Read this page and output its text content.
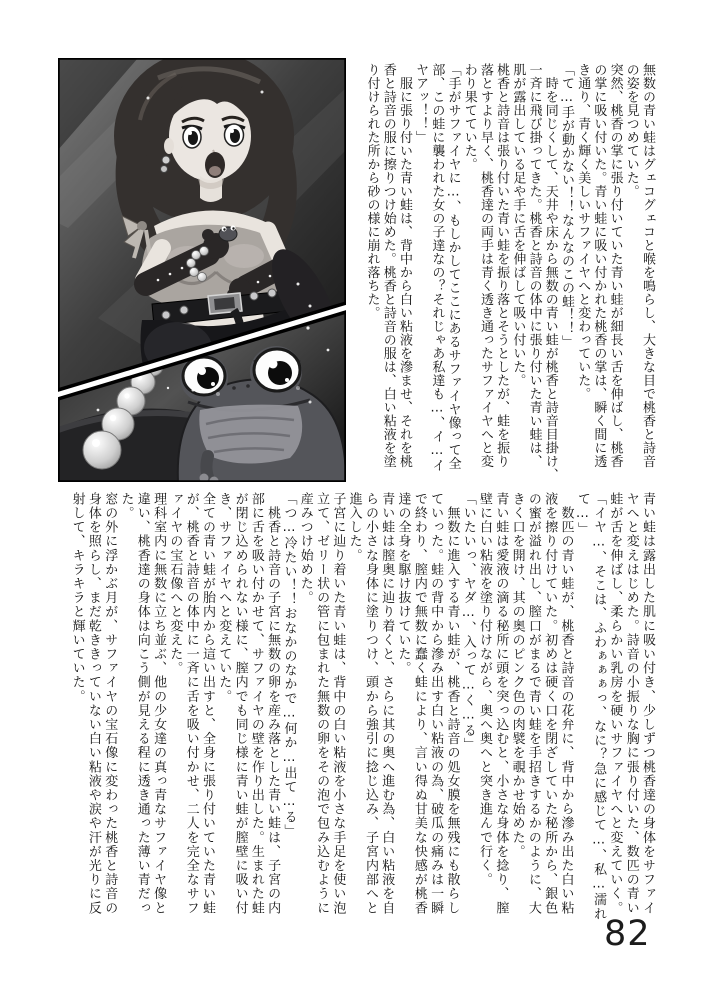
無数の青い蛙はグェコグェコと喉を鳴らし、大きな目で桃香と詩音
の姿を見つめていた。
突然、桃香の掌に張り付いていた青い蛙が細長い舌を伸ばし、桃香
の掌に吸い付いた。青い蛙に吸い付かれた桃香の掌は、瞬く間に透
き通り、青く輝く美しいサファイヤへと変わっていた。
「て…手が動かない！！なんなのこの蛙！！」
　時を同じくして、天井や床から無数の青い蛙が桃香と詩音目掛け、
一斉に飛び掛ってきた。桃香と詩音の体中に張り付いた青い蛙は、
肌が露出している足や手に舌を伸ばして吸い付いた。
桃香と詩音は張り付いた青い蛙を振り落とそうとしたが、蛙を振り
落とすより早く、桃香達の両手は青く透き通ったサファイヤへと変
わり果てていた。
「手がサファイヤに…、もしかしてここにあるサファイヤ像って全
部、この蛙に襲われた女の子達なの？それじゃあ私達も…、イ…イ
ヤアッ！！」
　服に張り付いた青い蛙は、背中から白い粘液を滲ませ、それを桃
香と詩音の服に擦りつけ始めた。桃香と詩音の服は、白い粘液を塗
り付けられた所から砂の様に崩れ落ちた。
青い蛙は露出した肌に吸い付き、少しずつ桃香達の身体をサファイ
ヤへと変えはじめた。詩音の小振りな胸に張り付いた、数匹の青い
蛙が舌を伸ばし、柔らかい乳房を硬いサファイヤへと変えていく。
「イヤ…、そこは、ふわぁぁぁっ、なに？急に感じて…、私…濡れ
て…」
　数匹の青い蛙が、桃香と詩音の花弁に、背中から滲み出た白い粘
液を擦り付けていた。初めは硬く口を閉ざしていた秘所から、銀色
の蜜が溢れ出し、膣口がまるで青い蛙を手招きするかのように、大
きく口を開け、其の奥のピンク色の肉襞を覗かせ始めた。
青い蛙は愛液の滴る秘所に頭を突っ込むと、小さな身体を捻り、膣
壁に白い粘液を塗り付けながら、奥へ奥へと突き進んで行く。
「いたいっ、ヤダ…、入って…く…る」
　無数に進入する青い蛙が、桃香と詩音の処女膜を無残にも散らし
ていった。蛙の背中から滲み出す白い粘液の為、破瓜の痛みは一瞬
で終わり、膣内で無数に蠢く蛙により、言い得ぬ甘美な快感が桃香
達の全身を駆け抜けていた。
青い蛙は膣奥に辿り着くと、さらに其の奥へ進む為、白い粘液を自
らの小さな身体に塗りつけ、頭から強引に捻じ込み、子宮内部へと
進入した。
子宮に辿り着いた青い蛙は、背中の白い粘液を小さな手足を使い泡
立て、ゼリー状の管に包まれた無数の卵をその泡で包み込むように
産みつけ始めた。
「つ…冷たい！！おなかのなかで…何か…出て…る」
　桃香と詩音の子宮に無数の卵を産み落とした青い蛙は、子宮の内
部に舌を吸い付かせて、サファイヤの壁を作り出した。生まれた蛙
が閉じ込められない様に、膣内でも同じ様に青い蛙が膣壁に吸い付
き、サファイヤへと変えていた。
全ての青い蛙が胎内から這い出すと、全身に張り付いていた青い蛙
が、桃香と詩音の体中に一斉に舌を吸い付かせ、二人を完全なサフ
ァイヤの宝石像へと変えた。
理科室内に無数に立ち並ぶ、他の少女達の真っ青なサファイヤ像と
違い、桃香達の身体は向こう側が見える程に透き通った薄い青だっ
た。
窓の外に浮かぶ月が、サファイヤの宝石像に変わった桃香と詩音の
身体を照らし、まだ乾ききっていない白い粘液や涙や汗が光りに反
射して、キラキラと輝いていた。
82
